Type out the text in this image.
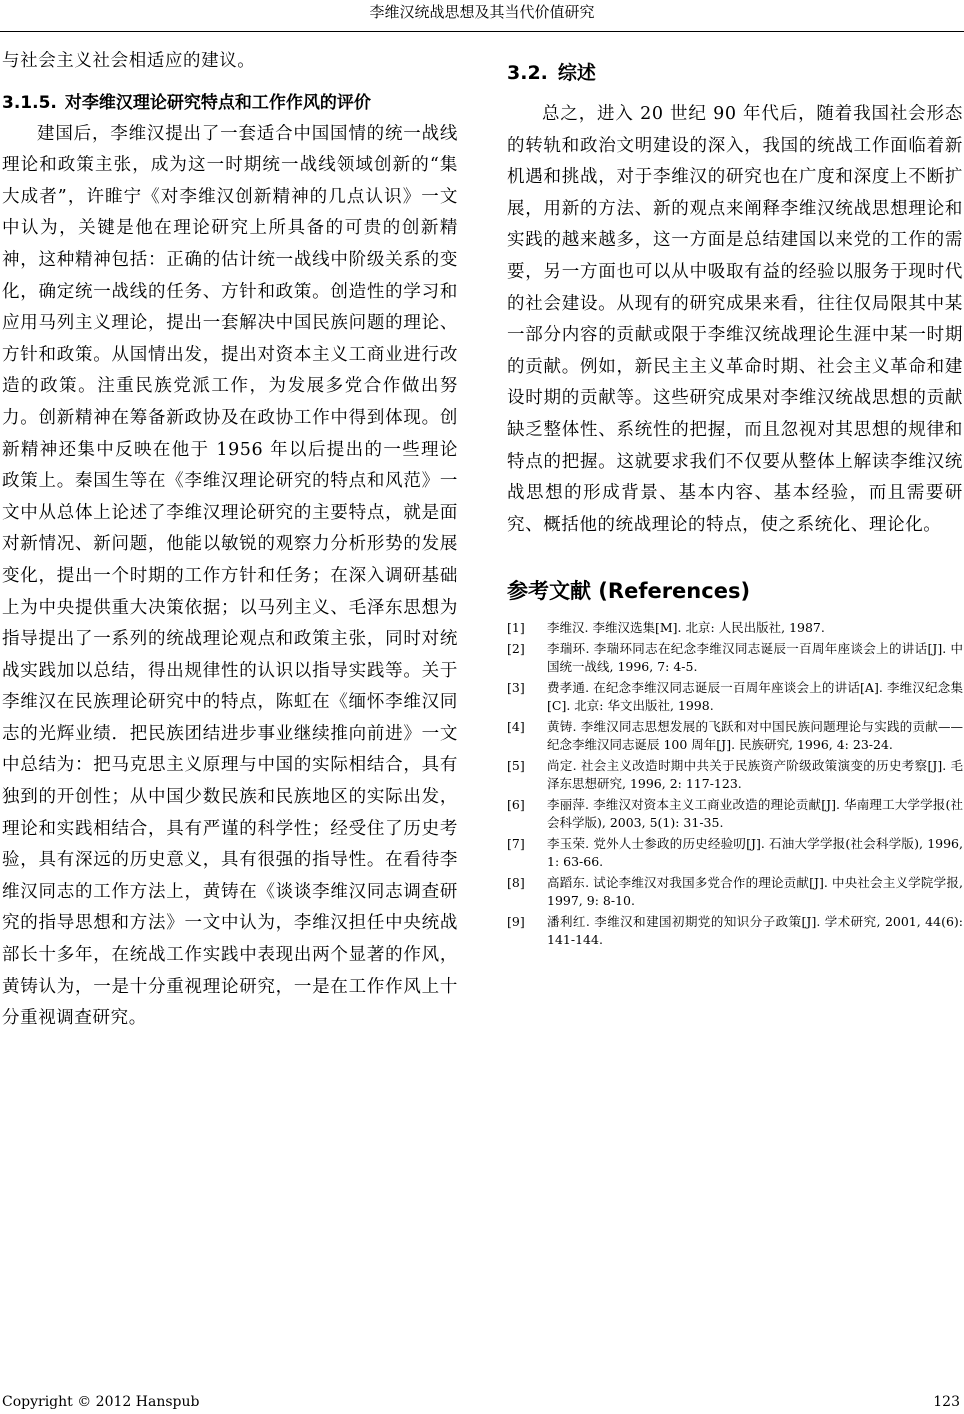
李维汉统战思想及其当代价值研究

与社会主义社会相适应的建议。

3.1.5. 对李维汉理论研究特点和工作作风的评价

建国后，李维汉提出了一套适合中国国情的统一战线理论和政策主张，成为这一时期统一战线领域创新的“集大成者”，许睢宁《对李维汉创新精神的几点认识》一文中认为，关键是他在理论研究上所具备的可贵的创新精神，这种精神包括：正确的估计统一战线中阶级关系的变化，确定统一战线的任务、方针和政策。创造性的学习和应用马列主义理论，提出一套解决中国民族问题的理论、方针和政策。从国情出发，提出对资本主义工商业进行改造的政策。注重民族党派工作，为发展多党合作做出努力。创新精神在筹备新政协及在政协工作中得到体现。创新精神还集中反映在他于 1956 年以后提出的一些理论政策上。秦国生等在《李维汉理论研究的特点和风范》一文中从总体上论述了李维汉理论研究的主要特点，就是面对新情况、新问题，他能以敏锐的观察力分析形势的发展变化，提出一个时期的工作方针和任务；在深入调研基础上为中央提供重大决策依据；以马列主义、毛泽东思想为指导提出了一系列的统战理论观点和政策主张，同时对统战实践加以总结，得出规律性的认识以指导实践等。关于李维汉在民族理论研究中的特点，陈虹在《缅怀李维汉同志的光辉业绩．把民族团结进步事业继续推向前进》一文中总结为：把马克思主义原理与中国的实际相结合，具有独到的开创性；从中国少数民族和民族地区的实际出发，理论和实践相结合，具有严谨的科学性；经受住了历史考验，具有深远的历史意义，具有很强的指导性。在看待李维汉同志的工作方法上，黄铸在《谈谈李维汉同志调查研究的指导思想和方法》一文中认为，李维汉担任中央统战部长十多年，在统战工作实践中表现出两个显著的作风，黄铸认为，一是十分重视理论研究，一是在工作作风上十分重视调查研究。

3.2. 综述

总之，进入 20 世纪 90 年代后，随着我国社会形态的转轨和政治文明建设的深入，我国的统战工作面临着新机遇和挑战，对于李维汉的研究也在广度和深度上不断扩展，用新的方法、新的观点来阐释李维汉统战思想理论和实践的越来越多，这一方面是总结建国以来党的工作的需要，另一方面也可以从中吸取有益的经验以服务于现时代的社会建设。从现有的研究成果来看，往往仅局限其中某一部分内容的贡献或限于李维汉统战理论生涯中某一时期的贡献。例如，新民主主义革命时期、社会主义革命和建设时期的贡献等。这些研究成果对李维汉统战思想的贡献缺乏整体性、系统性的把握，而且忽视对其思想的规律和特点的把握。这就要求我们不仅要从整体上解读李维汉统战思想的形成背景、基本内容、基本经验，而且需要研究、概括他的统战理论的特点，使之系统化、理论化。

参考文献 (References)
[1]	李维汉. 李维汉选集[M]. 北京: 人民出版社, 1987.
[2]	李瑞环. 李瑞环同志在纪念李维汉同志诞辰一百周年座谈会上的讲话[J]. 中国统一战线, 1996, 7: 4-5.
[3]	费孝通. 在纪念李维汉同志诞辰一百周年座谈会上的讲话[A]. 李维汉纪念集[C]. 北京: 华文出版社, 1998.
[4]	黄铸. 李维汉同志思想发展的飞跃和对中国民族问题理论与实践的贡献——纪念李维汉同志诞辰 100 周年[J]. 民族研究, 1996, 4: 23-24.
[5]	尚定. 社会主义改造时期中共关于民族资产阶级政策演变的历史考察[J]. 毛泽东思想研究, 1996, 2: 117-123.
[6]	李丽萍. 李维汉对资本主义工商业改造的理论贡献[J]. 华南理工大学学报(社会科学版), 2003, 5(1): 31-35.
[7]	李玉荣. 党外人士参政的历史经验叨[J]. 石油大学学报(社会科学版), 1996, 1: 63-66.
[8]	高蹈东. 试论李维汉对我国多党合作的理论贡献[J]. 中央社会主义学院学报, 1997, 9: 8-10.
[9]	潘利红. 李维汉和建国初期党的知识分子政策[J]. 学术研究, 2001, 44(6): 141-144.
Copyright © 2012 Hanspub	123
